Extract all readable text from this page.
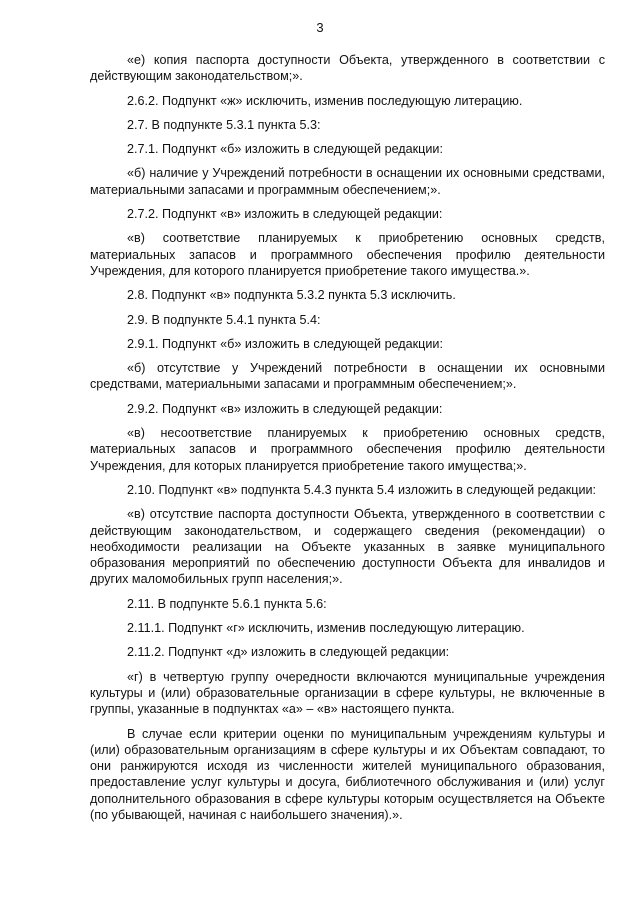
3

«е) копия паспорта доступности Объекта, утвержденного в соответствии с действующим законодательством;».

2.6.2. Подпункт «ж» исключить, изменив последующую литерацию.

2.7. В подпункте 5.3.1 пункта 5.3:

2.7.1. Подпункт «б» изложить в следующей редакции:

«б) наличие у Учреждений потребности в оснащении их основными средствами, материальными запасами и программным обеспечением;».

2.7.2. Подпункт «в» изложить в следующей редакции:

«в) соответствие планируемых к приобретению основных средств, материальных запасов и программного обеспечения профилю деятельности Учреждения, для которого планируется приобретение такого имущества.».

2.8. Подпункт «в» подпункта 5.3.2 пункта 5.3 исключить.

2.9. В подпункте 5.4.1 пункта 5.4:

2.9.1. Подпункт «б» изложить в следующей редакции:

«б) отсутствие у Учреждений потребности в оснащении их основными средствами, материальными запасами и программным обеспечением;».

2.9.2. Подпункт «в» изложить в следующей редакции:

«в) несоответствие планируемых к приобретению основных средств, материальных запасов и программного обеспечения профилю деятельности Учреждения, для которых планируется приобретение такого имущества;».

2.10. Подпункт «в» подпункта 5.4.3 пункта 5.4 изложить в следующей редакции:

«в) отсутствие паспорта доступности Объекта, утвержденного в соответствии с действующим законодательством, и содержащего сведения (рекомендации) о необходимости реализации на Объекте указанных в заявке муниципального образования мероприятий по обеспечению доступности Объекта для инвалидов и других маломобильных групп населения;».

2.11. В подпункте 5.6.1 пункта 5.6:

2.11.1. Подпункт «г» исключить, изменив последующую литерацию.

2.11.2. Подпункт «д» изложить в следующей редакции:

«г) в четвертую группу очередности включаются муниципальные учреждения культуры и (или) образовательные организации в сфере культуры, не включенные в группы, указанные в подпунктах «а» – «в» настоящего пункта.

В случае если критерии оценки по муниципальным учреждениям культуры и (или) образовательным организациям в сфере культуры и их Объектам совпадают, то они ранжируются исходя из численности жителей муниципального образования, предоставление услуг культуры и досуга, библиотечного обслуживания и (или) услуг дополнительного образования в сфере культуры которым осуществляется на Объекте (по убывающей, начиная с наибольшего значения).».
